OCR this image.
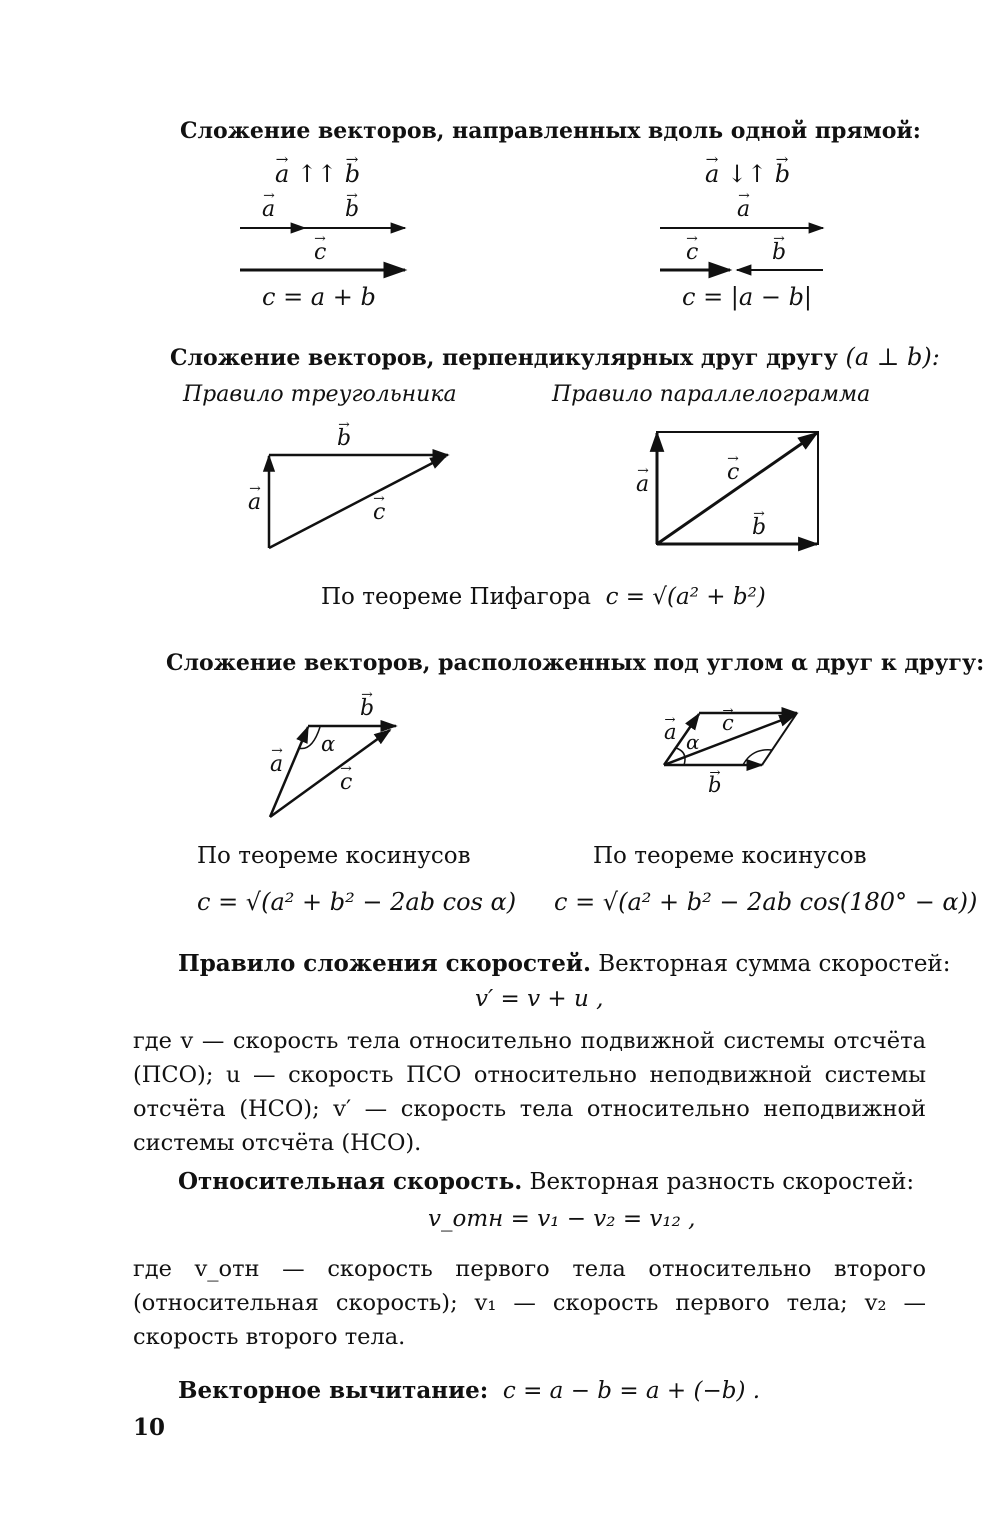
Сложение векторов, направленных вдоль одной прямой:
→ a ↑↑ → b	→ a ↓↑ → b
→ a	→ b
→ c
c = a + b
→ a
→ c	→ b
c = |a − b|
Сложение векторов, перпендикулярных друг другу (a ⊥ b):
Правило треугольника	Правило параллелограмма
→ b
→ a	→ c
→ a	→ c
→ b
По теореме Пифагора c = √(a² + b²)
Сложение векторов, расположенных под углом α друг к другу:
→ b
α
→ a
→ c
→ a α
→ c
→ b
По теореме косинусов	По теореме косинусов
c = √(a² + b² − 2ab cos α) c = √(a² + b² − 2ab cos(180° − α))
Правило сложения скоростей. Векторная сумма скоростей:
v′ = v + u ,
где v — скорость тела относительно подвижной системы отсчёта (ПСО); u — скорость ПСО относительно неподвижной системы отсчёта (НСО); v′ — скорость тела относительно неподвижной системы отсчёта (НСО).
Относительная скорость. Векторная разность скоростей:
v_отн = v₁ − v₂ = v₁₂ ,
где v_отн — скорость первого тела относительно второго (относительная скорость); v₁ — скорость первого тела; v₂ — скорость второго тела.
Векторное вычитание: c = a − b = a + (−b) .
10
